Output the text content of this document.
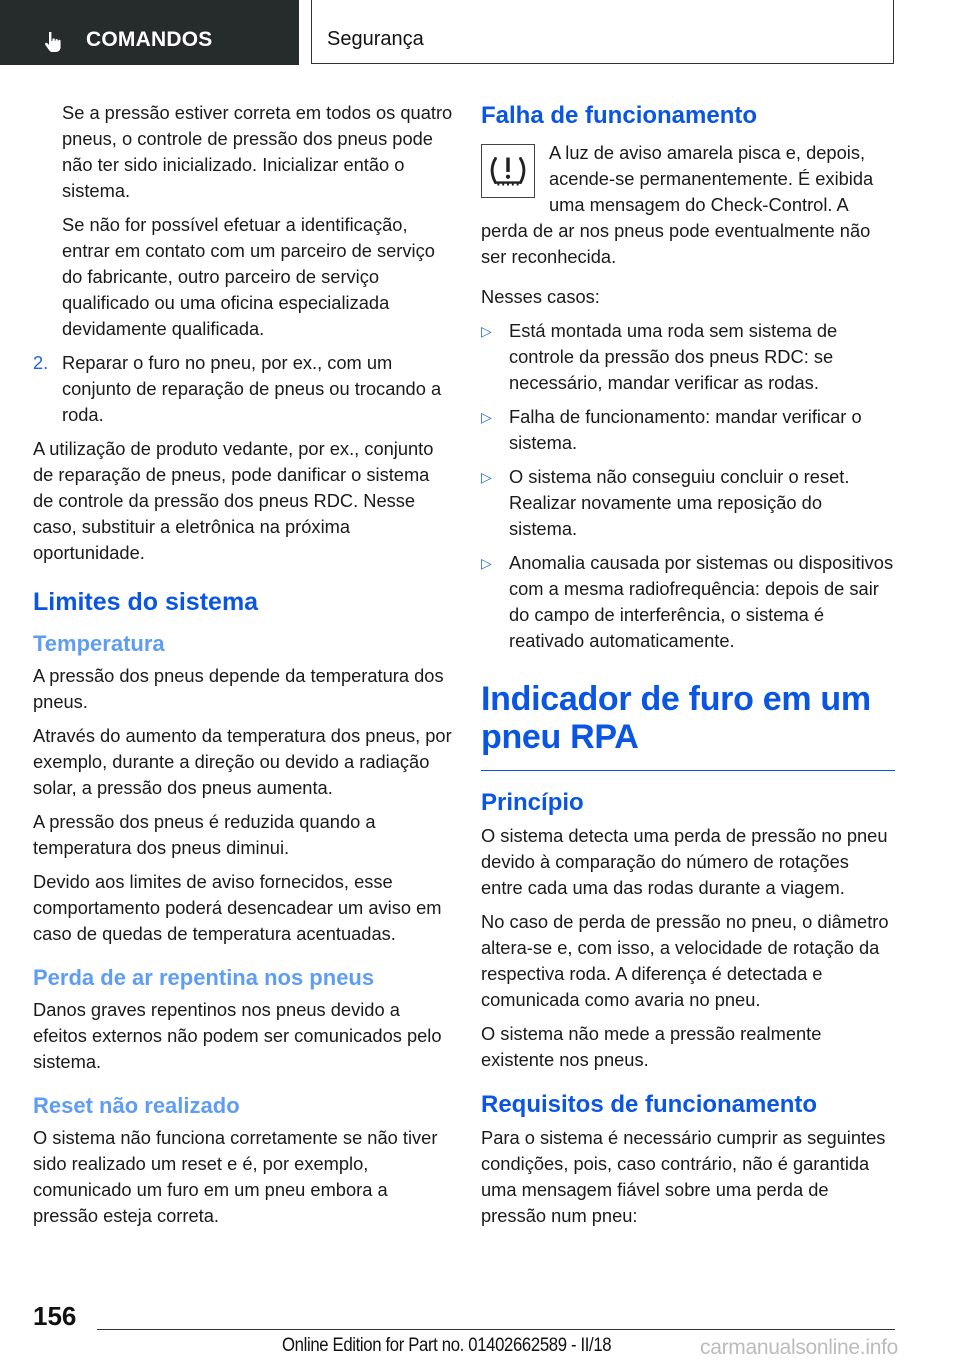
COMANDOS	Segurança

Se a pressão estiver correta em todos os quatro pneus, o controle de pressão dos pneus pode não ter sido inicializado. Inicializar então o sistema.

Se não for possível efetuar a identificação, entrar em contato com um parceiro de serviço do fabricante, outro parceiro de serviço qualificado ou uma oficina especializada devidamente qualificada.

2. Reparar o furo no pneu, por ex., com um conjunto de reparação de pneus ou trocando a roda.

A utilização de produto vedante, por ex., conjunto de reparação de pneus, pode danificar o sistema de controle da pressão dos pneus RDC. Nesse caso, substituir a eletrônica na próxima oportunidade.

Limites do sistema
Temperatura

A pressão dos pneus depende da temperatura dos pneus.

Através do aumento da temperatura dos pneus, por exemplo, durante a direção ou devido a radiação solar, a pressão dos pneus aumenta.

A pressão dos pneus é reduzida quando a temperatura dos pneus diminui.

Devido aos limites de aviso fornecidos, esse comportamento poderá desencadear um aviso em caso de quedas de temperatura acentuadas.

Perda de ar repentina nos pneus

Danos graves repentinos nos pneus devido a efeitos externos não podem ser comunicados pelo sistema.

Reset não realizado

O sistema não funciona corretamente se não tiver sido realizado um reset e é, por exemplo, comunicado um furo em um pneu embora a pressão esteja correta.

Falha de funcionamento

A luz de aviso amarela pisca e, depois, acende-se permanentemente. É exibida uma mensagem do Check-Control. A perda de ar nos pneus pode eventualmente não ser reconhecida.

Nesses casos:

▷ Está montada uma roda sem sistema de controle da pressão dos pneus RDC: se necessário, mandar verificar as rodas.
▷ Falha de funcionamento: mandar verificar o sistema.
▷ O sistema não conseguiu concluir o reset. Realizar novamente uma reposição do sistema.
▷ Anomalia causada por sistemas ou dispositivos com a mesma radiofrequência: depois de sair do campo de interferência, o sistema é reativado automaticamente.
Indicador de furo em um pneu RPA
Princípio

O sistema detecta uma perda de pressão no pneu devido à comparação do número de rotações entre cada uma das rodas durante a viagem.

No caso de perda de pressão no pneu, o diâmetro altera-se e, com isso, a velocidade de rotação da respectiva roda. A diferença é detectada e comunicada como avaria no pneu.

O sistema não mede a pressão realmente existente nos pneus.

Requisitos de funcionamento

Para o sistema é necessário cumprir as seguintes condições, pois, caso contrário, não é garantida uma mensagem fiável sobre uma perda de pressão num pneu:

156
Online Edition for Part no. 01402662589 - II/18	carmanualsonline.info
